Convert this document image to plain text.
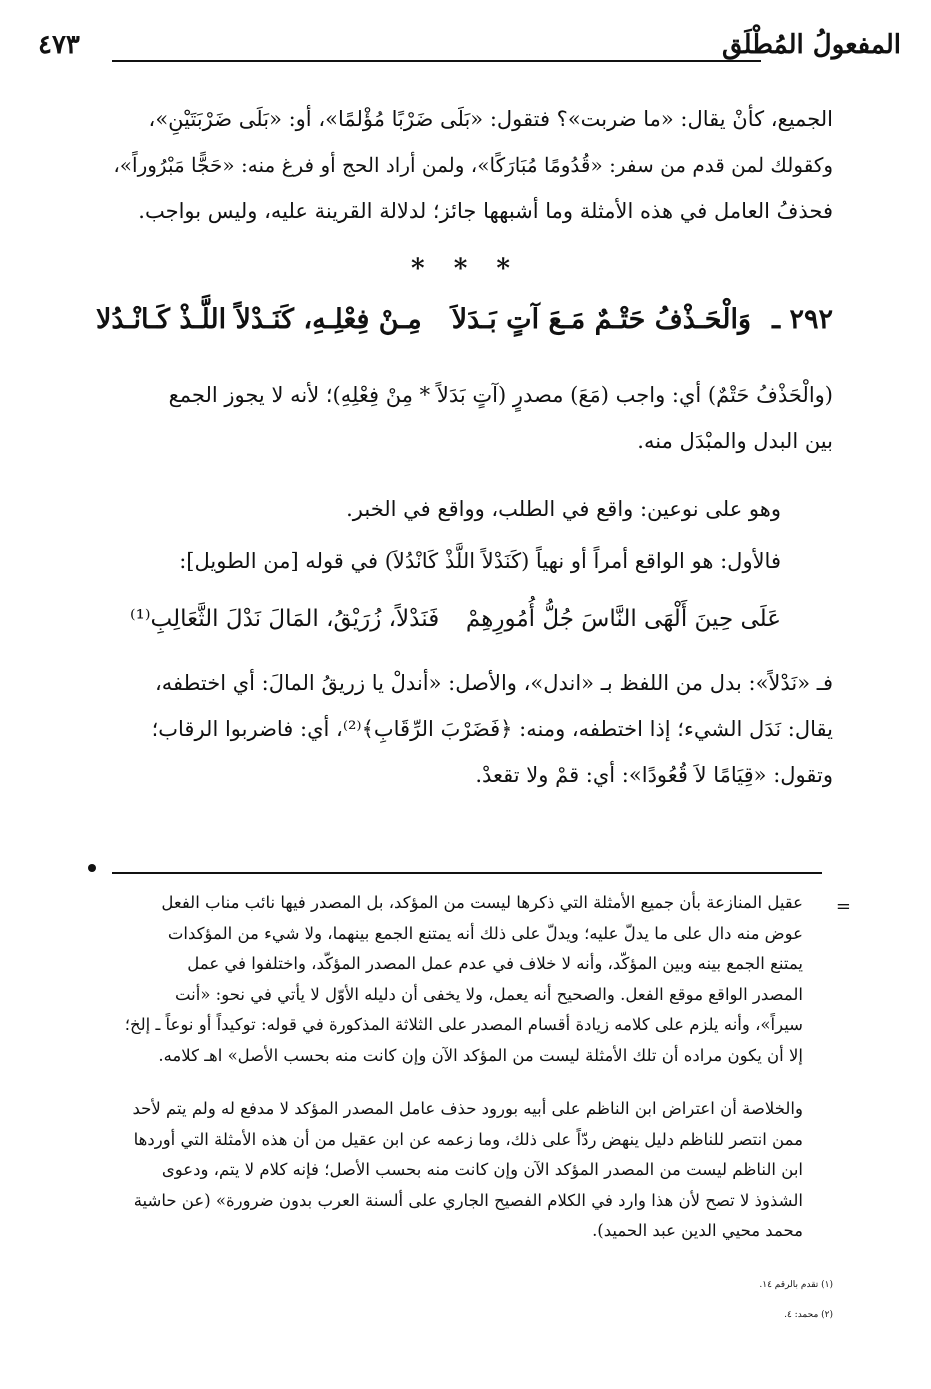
المفعولُ المُطْلَق
٤٧٣
الجميع، كأنْ يقال: «ما ضربت»؟ فتقول: «بَلَى ضَرْبًا مُؤْلمًا»، أو: «بَلَى ضَرْبَتَيْنِ»،
وكقولك لمن قدم من سفر: «قُدُومًا مُبَارَكًا»، ولمن أراد الحج أو فرغ منه: «حَجًّا مَبْرُوراً»،
فحذفُ العامل في هذه الأمثلة وما أشبهها جائز؛ لدلالة القرينة عليه، وليس بواجب.
* * *
٢٩٢ ـ
وَالْحَـذْفُ حَتْـمٌ مَـعَ آتٍ بَـدَلاَ
مِـنْ فِعْلِـهِ، كَنَـدْلاً اللَّـذْ كَـانْـدُلا
(والْحَذْفُ حَتْمٌ) أي: واجب (مَعَ) مصدرٍ (آتٍ بَدَلاً * مِنْ فِعْلِهِ)؛ لأنه لا يجوز الجمع
بين البدل والمبْدَل منه.
وهو على نوعين: واقع في الطلب، وواقع في الخبر.
فالأول: هو الواقع أمراً أو نهياً (كَنَدْلاً اللَّذْ كَانْدُلاَ) في قوله [من الطويل]:
عَلَى حِينَ أَلْهَى النَّاسَ جُلُّ أُمُورِهِمْ
فَنَدْلاً، زُرَيْقُ، المَالَ نَدْلَ الثَّعَالِبِ⁽¹⁾
فـ «نَدْلاً»: بدل من اللفظ بـ «اندل»، والأصل: «أندلْ يا زريقُ المالَ: أي اختطفه،
يقال: نَدَل الشيء؛ إذا اختطفه، ومنه: ﴿فَضَرْبَ الرِّقَابِ﴾⁽²⁾، أي: فاضربوا الرقاب؛
وتقول: «قِيَامًا لاَ قُعُودًا»: أي: قمْ ولا تقعدْ.
=
عقيل المنازعة بأن جميع الأمثلة التي ذكرها ليست من المؤكد، بل المصدر فيها نائب مناب الفعل
عوض منه دال على ما يدلّ عليه؛ ويدلّ على ذلك أنه يمتنع الجمع بينهما، ولا شيء من المؤكدات
يمتنع الجمع بينه وبين المؤكّد، وأنه لا خلاف في عدم عمل المصدر المؤكّد، واختلفوا في عمل
المصدر الواقع موقع الفعل. والصحيح أنه يعمل، ولا يخفى أن دليله الأوّل لا يأتي في نحو: «أنت
سيراً»، وأنه يلزم على كلامه زيادة أقسام المصدر على الثلاثة المذكورة في قوله: توكيداً أو نوعاً ـ إلخ؛
إلا أن يكون مراده أن تلك الأمثلة ليست من المؤكد الآن وإن كانت منه بحسب الأصل» اهـ كلامه.
والخلاصة أن اعتراض ابن الناظم على أبيه بورود حذف عامل المصدر المؤكد لا مدفع له ولم يتم لأحد
ممن انتصر للناظم دليل ينهض ردّاً على ذلك، وما زعمه عن ابن عقيل من أن هذه الأمثلة التي أوردها
ابن الناظم ليست من المصدر المؤكد الآن وإن كانت منه بحسب الأصل؛ فإنه كلام لا يتم، ودعوى
الشذوذ لا تصح لأن هذا وارد في الكلام الفصيح الجاري على ألسنة العرب بدون ضرورة» (عن حاشية
محمد محيي الدين عبد الحميد).
(١) تقدم بالرقم ١٤.
(٢) محمد: ٤.
